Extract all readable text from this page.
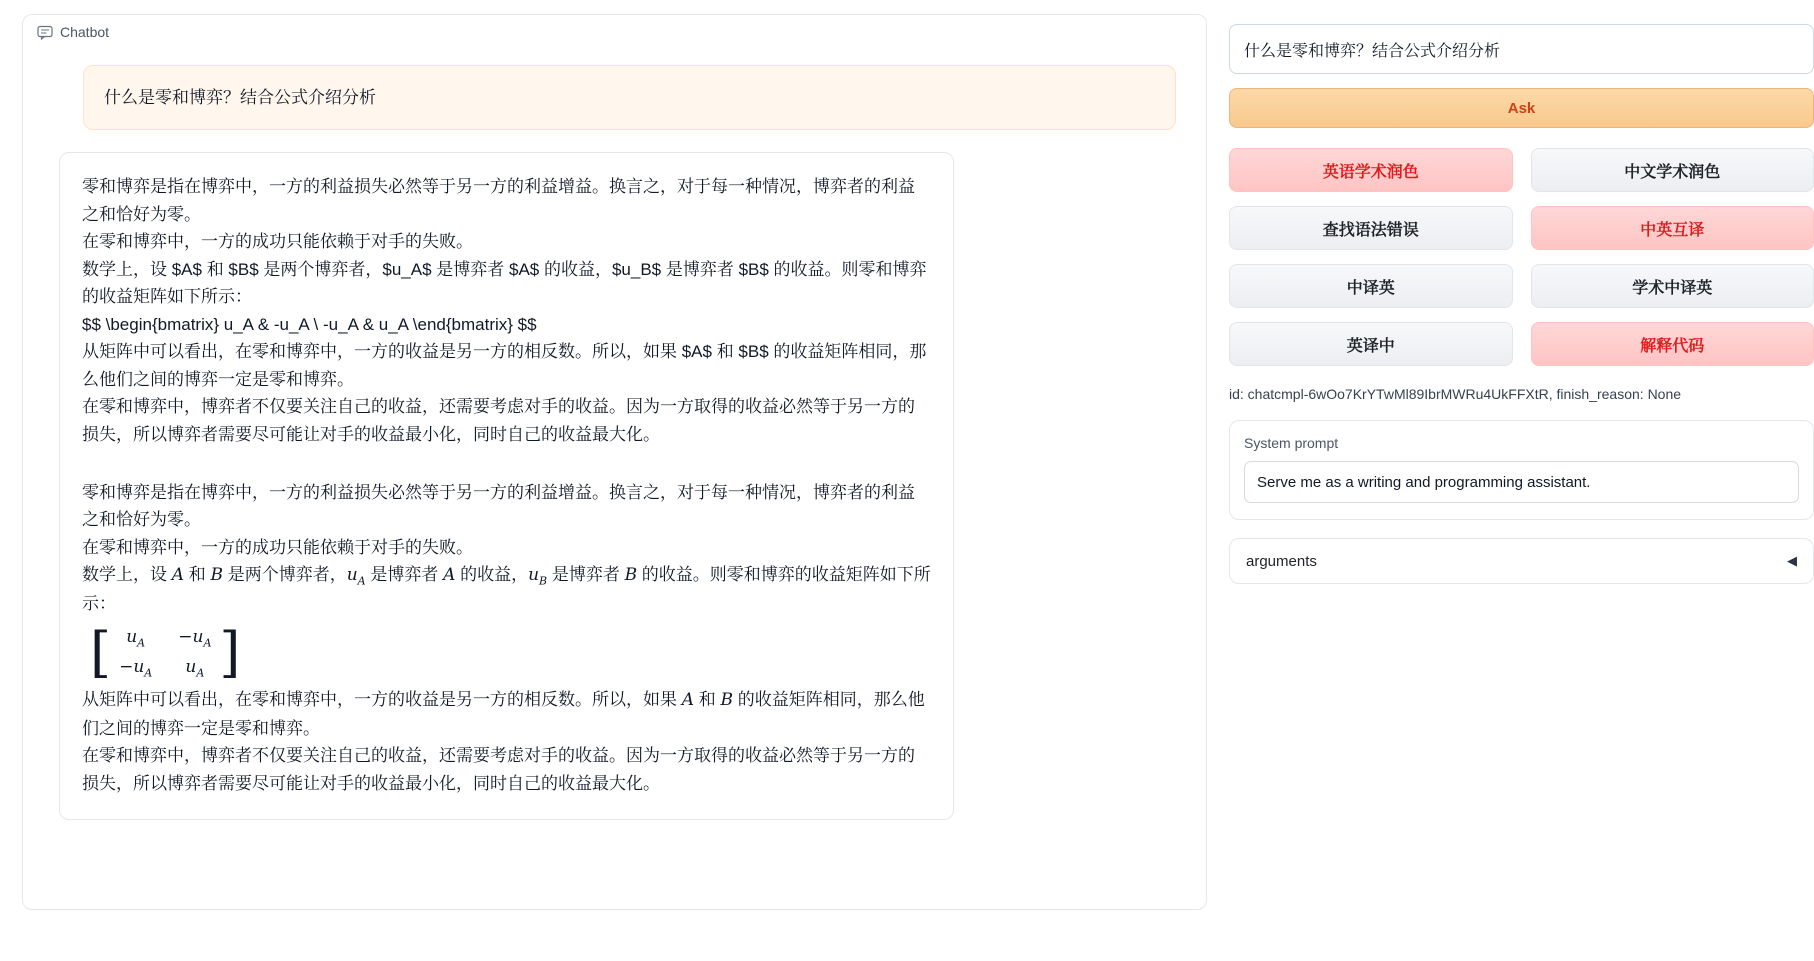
Chatbot
什么是零和博弈？结合公式介绍分析

零和博弈是指在博弈中，一方的利益损失必然等于另一方的利益增益。换言之，对于每一种情况，博弈者的利益之和恰好为零。

在零和博弈中，一方的成功只能依赖于对手的失败。

数学上，设 $A$ 和 $B$ 是两个博弈者，$u_A$ 是博弈者 $A$ 的收益，$u_B$ 是博弈者 $B$ 的收益。则零和博弈的收益矩阵如下所示：

$$ \begin{bmatrix} u_A & -u_A \ -u_A & u_A \end{bmatrix} $$

从矩阵中可以看出，在零和博弈中，一方的收益是另一方的相反数。所以，如果 $A$ 和 $B$ 的收益矩阵相同，那么他们之间的博弈一定是零和博弈。

在零和博弈中，博弈者不仅要关注自己的收益，还需要考虑对手的收益。因为一方取得的收益必然等于另一方的损失，所以博弈者需要尽可能让对手的收益最小化，同时自己的收益最大化。

零和博弈是指在博弈中，一方的利益损失必然等于另一方的利益增益。换言之，对于每一种情况，博弈者的利益之和恰好为零。

在零和博弈中，一方的成功只能依赖于对手的失败。

数学上，设 A 和 B 是两个博弈者，$u_A$ 是博弈者 A 的收益，$u_B$ 是博弈者 B 的收益。则零和博弈的收益矩阵如下所示：

[ $u_A$	$-u_A$
$-u_A$	$u_A$ ]

从矩阵中可以看出，在零和博弈中，一方的收益是另一方的相反数。所以，如果 A 和 B 的收益矩阵相同，那么他们之间的博弈一定是零和博弈。

在零和博弈中，博弈者不仅要关注自己的收益，还需要考虑对手的收益。因为一方取得的收益必然等于另一方的损失，所以博弈者需要尽可能让对手的收益最小化，同时自己的收益最大化。

什么是零和博弈？结合公式介绍分析 Ask
英语学术润色	中文学术润色
查找语法错误	中英互译
中译英	学术中译英
英译中	解释代码
id: chatcmpl-6wOo7KrYTwMl89IbrMWRu4UkFFXtR, finish_reason: None
System prompt
Serve me as a writing and programming assistant.
arguments	◀
